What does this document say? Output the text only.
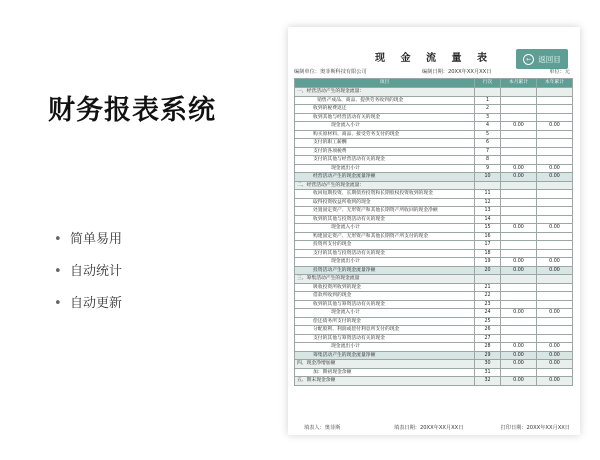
财务报表系统
• 简单易用
• 自动统计
• 自动更新
现 金 流 量 表	← 返回目
编制单位：奥菲斯科技有限公司	编制日期：20XX年XX月XX日	单位：元
项目	行次	本月累计	本年累计
一、经营活动产生的现金流量：			
销售产成品、商品、提供劳务收到的现金	1		
收到的税费返还	2		
收到其他与经营活动有关的现金	3		
现金流入小计	4	0.00	0.00
购买原材料、商品、接受劳务支付的现金	5		
支付的职工薪酬	6		
支付的各项税费	7		
支付的其他与经营活动有关的现金	8		
现金流出小计	9	0.00	0.00
经营活动产生的现金流量净额	10	0.00	0.00
二、经营活动产生的现金流量：			
收回短期投资、长期债券投资和长期股权投资收到的现金	11		
取得投资收益所收到的现金	12		
处置固定资产、无形资产和其他长期资产所收回的现金净额	13		
收到的其他与投资活动有关的现金	14		
现金流入小计	15	0.00	0.00
购建固定资产、无形资产和其他长期资产所支付的现金	16		
投资所支付的现金	17		
支付的其他与投资活动有关的现金	18		
现金流出小计	19	0.00	0.00
投资活动产生的现金流量净额	20	0.00	0.00
三、筹集活动产生的现金流量			
吸收投资所收到的现金	21		
借款所收到的现金	22		
收到的其他与筹资活动有关的现金	23		
现金流入小计	24	0.00	0.00
偿还债务所支付的现金	25		
分配股利、利润或偿付利息所支付的现金	26		
支付的其他与筹资活动有关的现金	27		
现金流出小计	28	0.00	0.00
筹集活动产生的现金流量净额	29	0.00	0.00
四、现金净增加额	30	0.00	0.00
加：期初现金余额	31		
五、期末现金余额	32	0.00	0.00
填表人：奥菲斯	填表日期：20XX年XX月XX日	打印日期：20XX年XX月XX日
